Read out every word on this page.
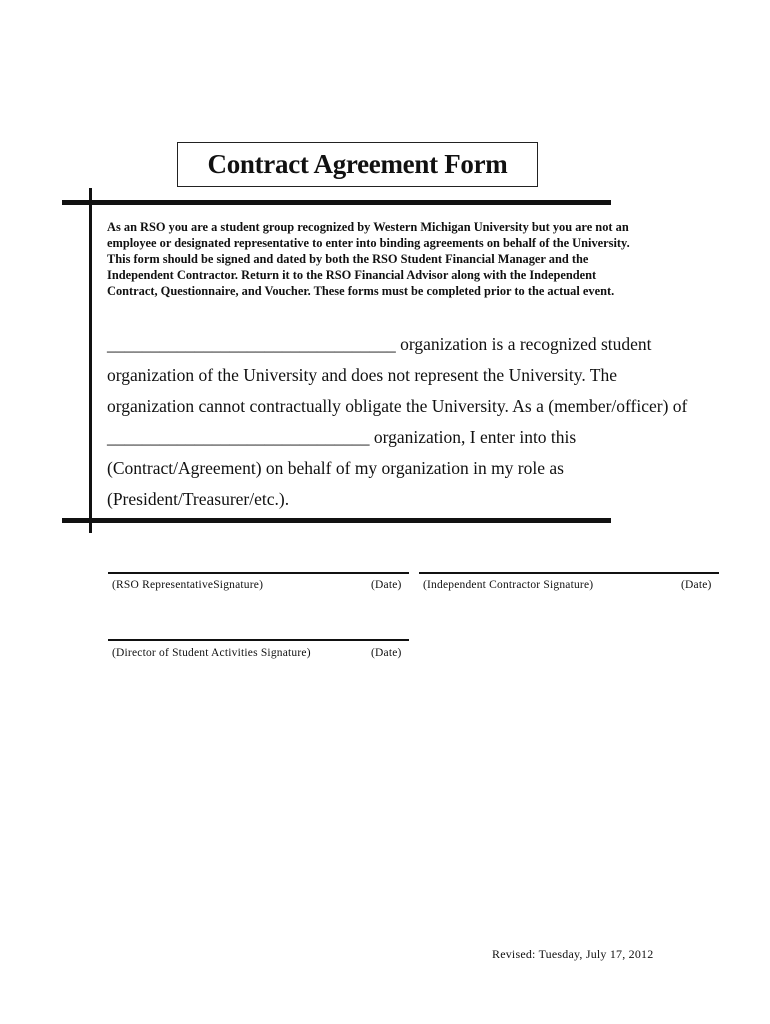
Contract Agreement Form
As an RSO you are a student group recognized by Western Michigan University but you are not an
employee or designated representative to enter into binding agreements on behalf of the University.
This form should be signed and dated by both the RSO Student Financial Manager and the
Independent Contractor. Return it to the RSO Financial Advisor along with the Independent
Contract, Questionnaire, and Voucher. These forms must be completed prior to the actual event.
_________________________________ organization is a recognized student
organization of the University and does not represent the University. The
organization cannot contractually obligate the University. As a (member/officer) of
______________________________ organization, I enter into this
(Contract/Agreement) on behalf of my organization in my role as
(President/Treasurer/etc.).
(RSO RepresentativeSignature)	(Date) (Independent Contractor Signature)	(Date)
(Director of Student Activities Signature)	(Date)
Revised: Tuesday, July 17, 2012
